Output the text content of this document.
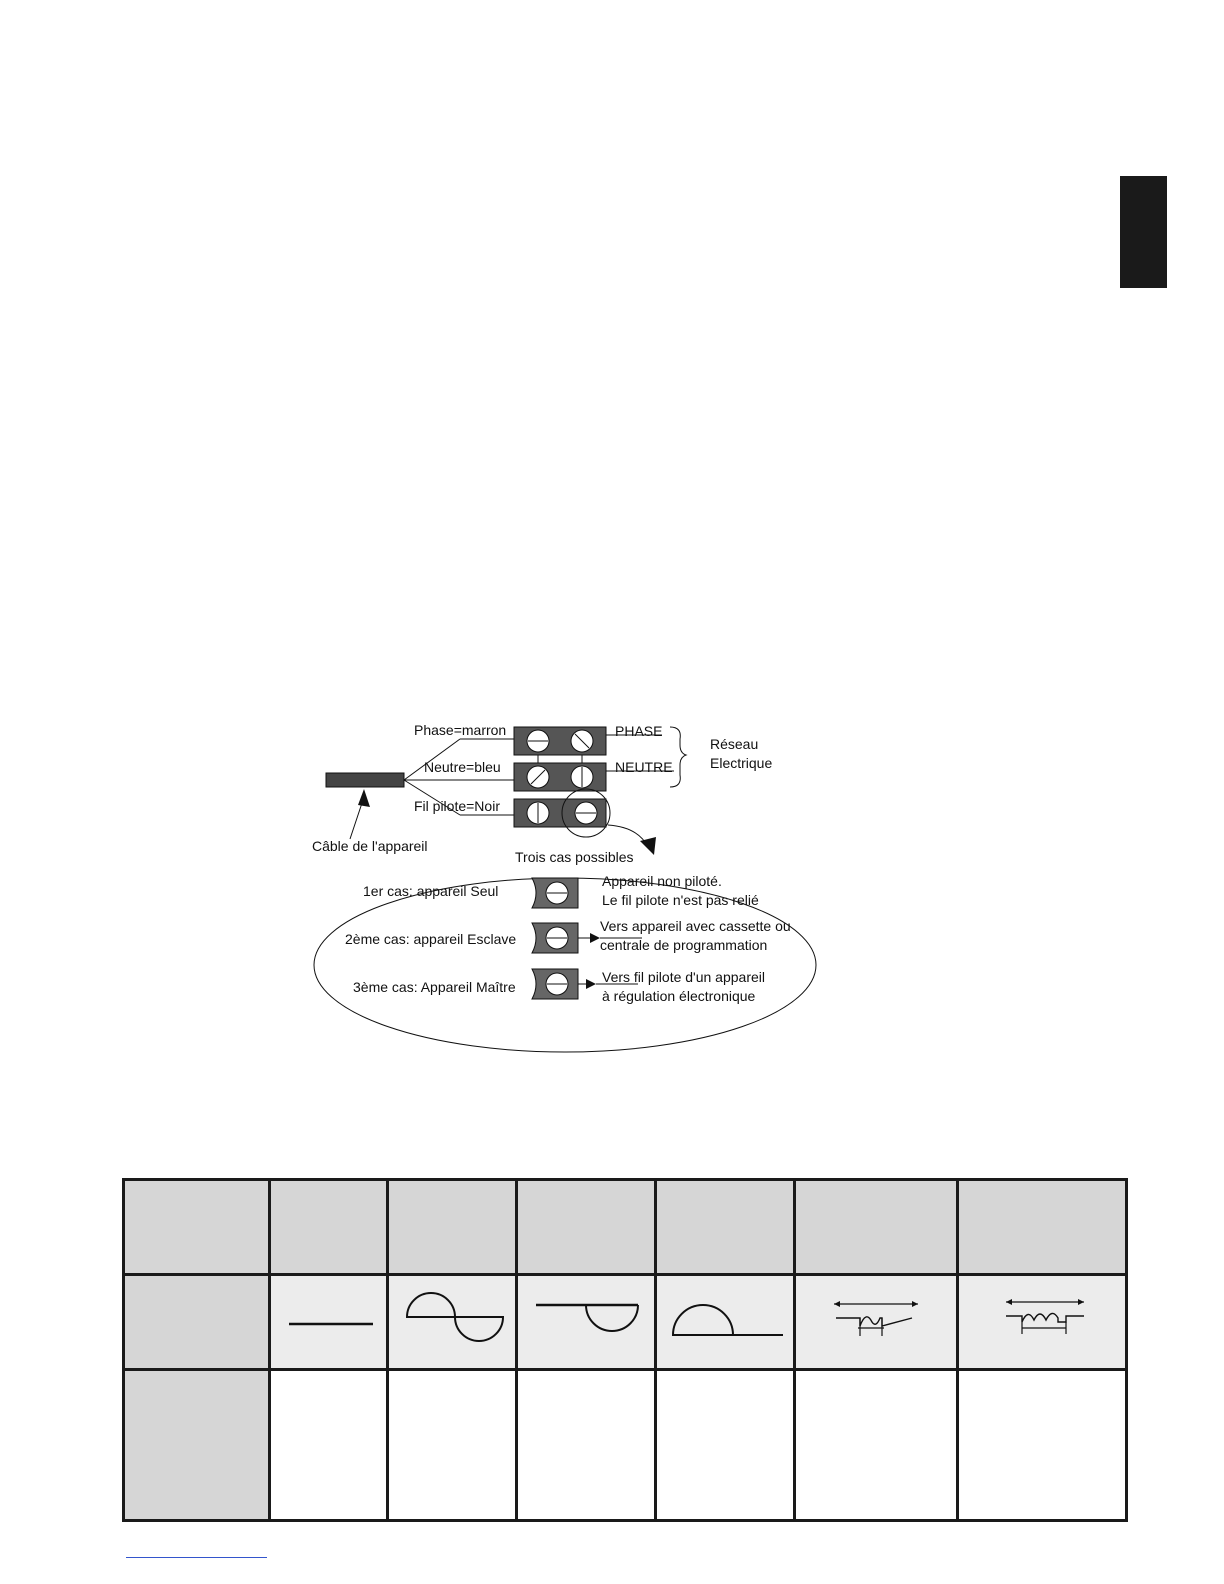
Phase=marron
Neutre=bleu
Fil pilote=Noir
PHASE
NEUTRE
Réseau
Electrique
Câble de l'appareil
Trois cas possibles
1er cas: appareil Seul
Appareil non piloté.
Le fil pilote n'est pas relié
2ème cas: appareil Esclave
Vers appareil avec cassette ou
centrale de programmation
3ème cas: Appareil Maître
Vers fil pilote d'un appareil
à régulation électronique
